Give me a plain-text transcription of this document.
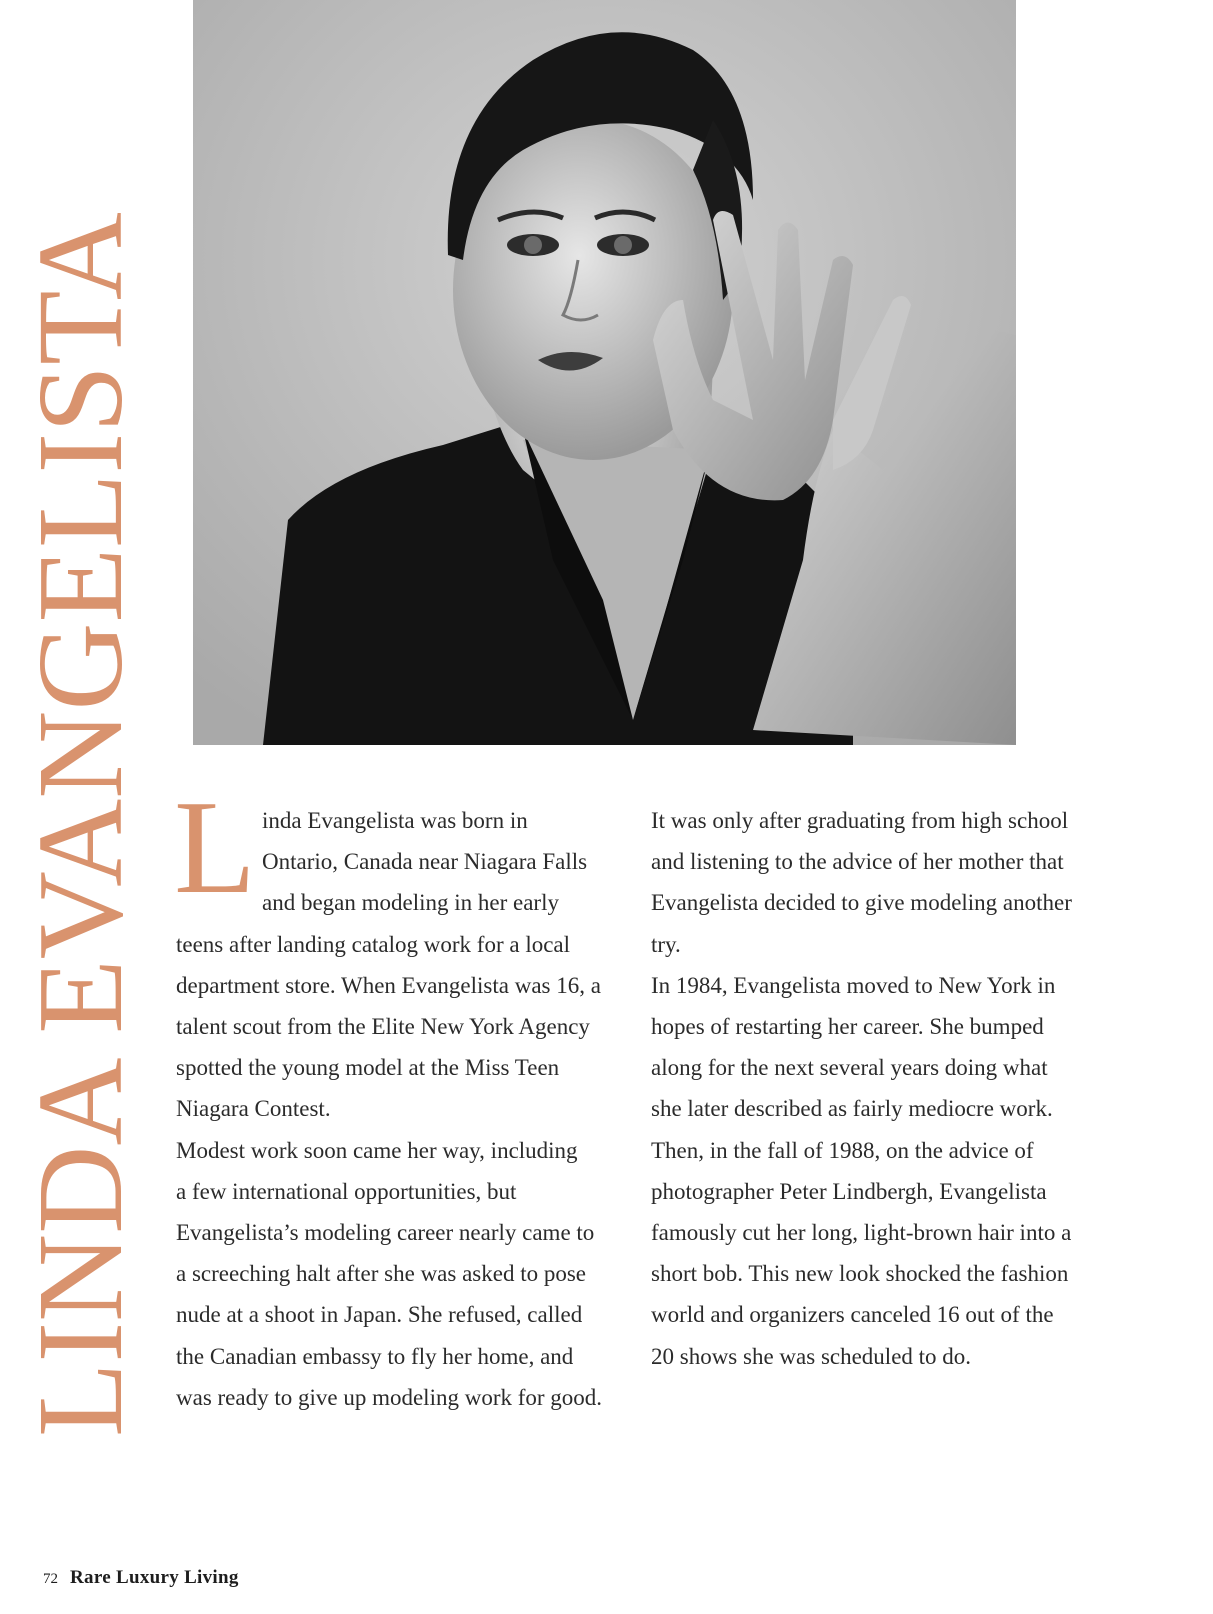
LINDA EVANGELISTA L inda Evangelista was born in
Ontario, Canada near Niagara Falls
and began modeling in her early
teens after landing catalog work for a local
department store. When Evangelista was 16, a
talent scout from the Elite New York Agency
spotted the young model at the Miss Teen
Niagara Contest.
Modest work soon came her way, including
a few international opportunities, but
Evangelista’s modeling career nearly came to
a screeching halt after she was asked to pose
nude at a shoot in Japan. She refused, called
the Canadian embassy to fly her home, and
was ready to give up modeling work for good.
It was only after graduating from high school
and listening to the advice of her mother that
Evangelista decided to give modeling another
try.
In 1984, Evangelista moved to New York in
hopes of restarting her career. She bumped
along for the next several years doing what
she later described as fairly mediocre work.
Then, in the fall of 1988, on the advice of
photographer Peter Lindbergh, Evangelista
famously cut her long, light-brown hair into a
short bob. This new look shocked the fashion
world and organizers canceled 16 out of the
20 shows she was scheduled to do.
72 Rare Luxury Living
